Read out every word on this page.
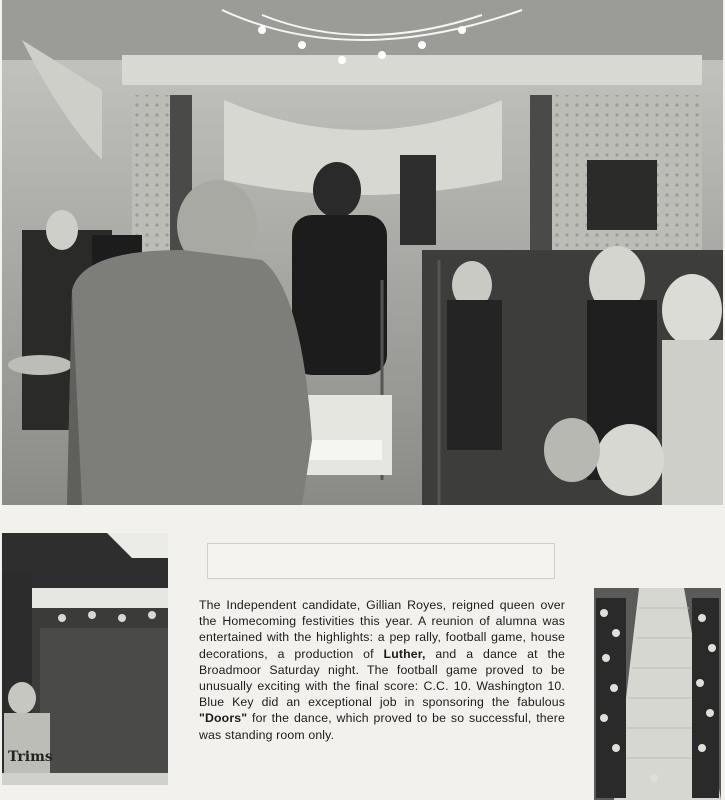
Trims

The Independent candidate, Gillian Royes, reigned queen over the Homecoming festivities this year. A reunion of alumna was entertained with the highlights: a pep rally, football game, house decorations, a production of Luther, and a dance at the Broadmoor Saturday night. The football game proved to be unusually exciting with the final score: C.C. 10. Washington 10. Blue Key did an exceptional job in sponsoring the fabulous "Doors" for the dance, which proved to be so successful, there was standing room only.
